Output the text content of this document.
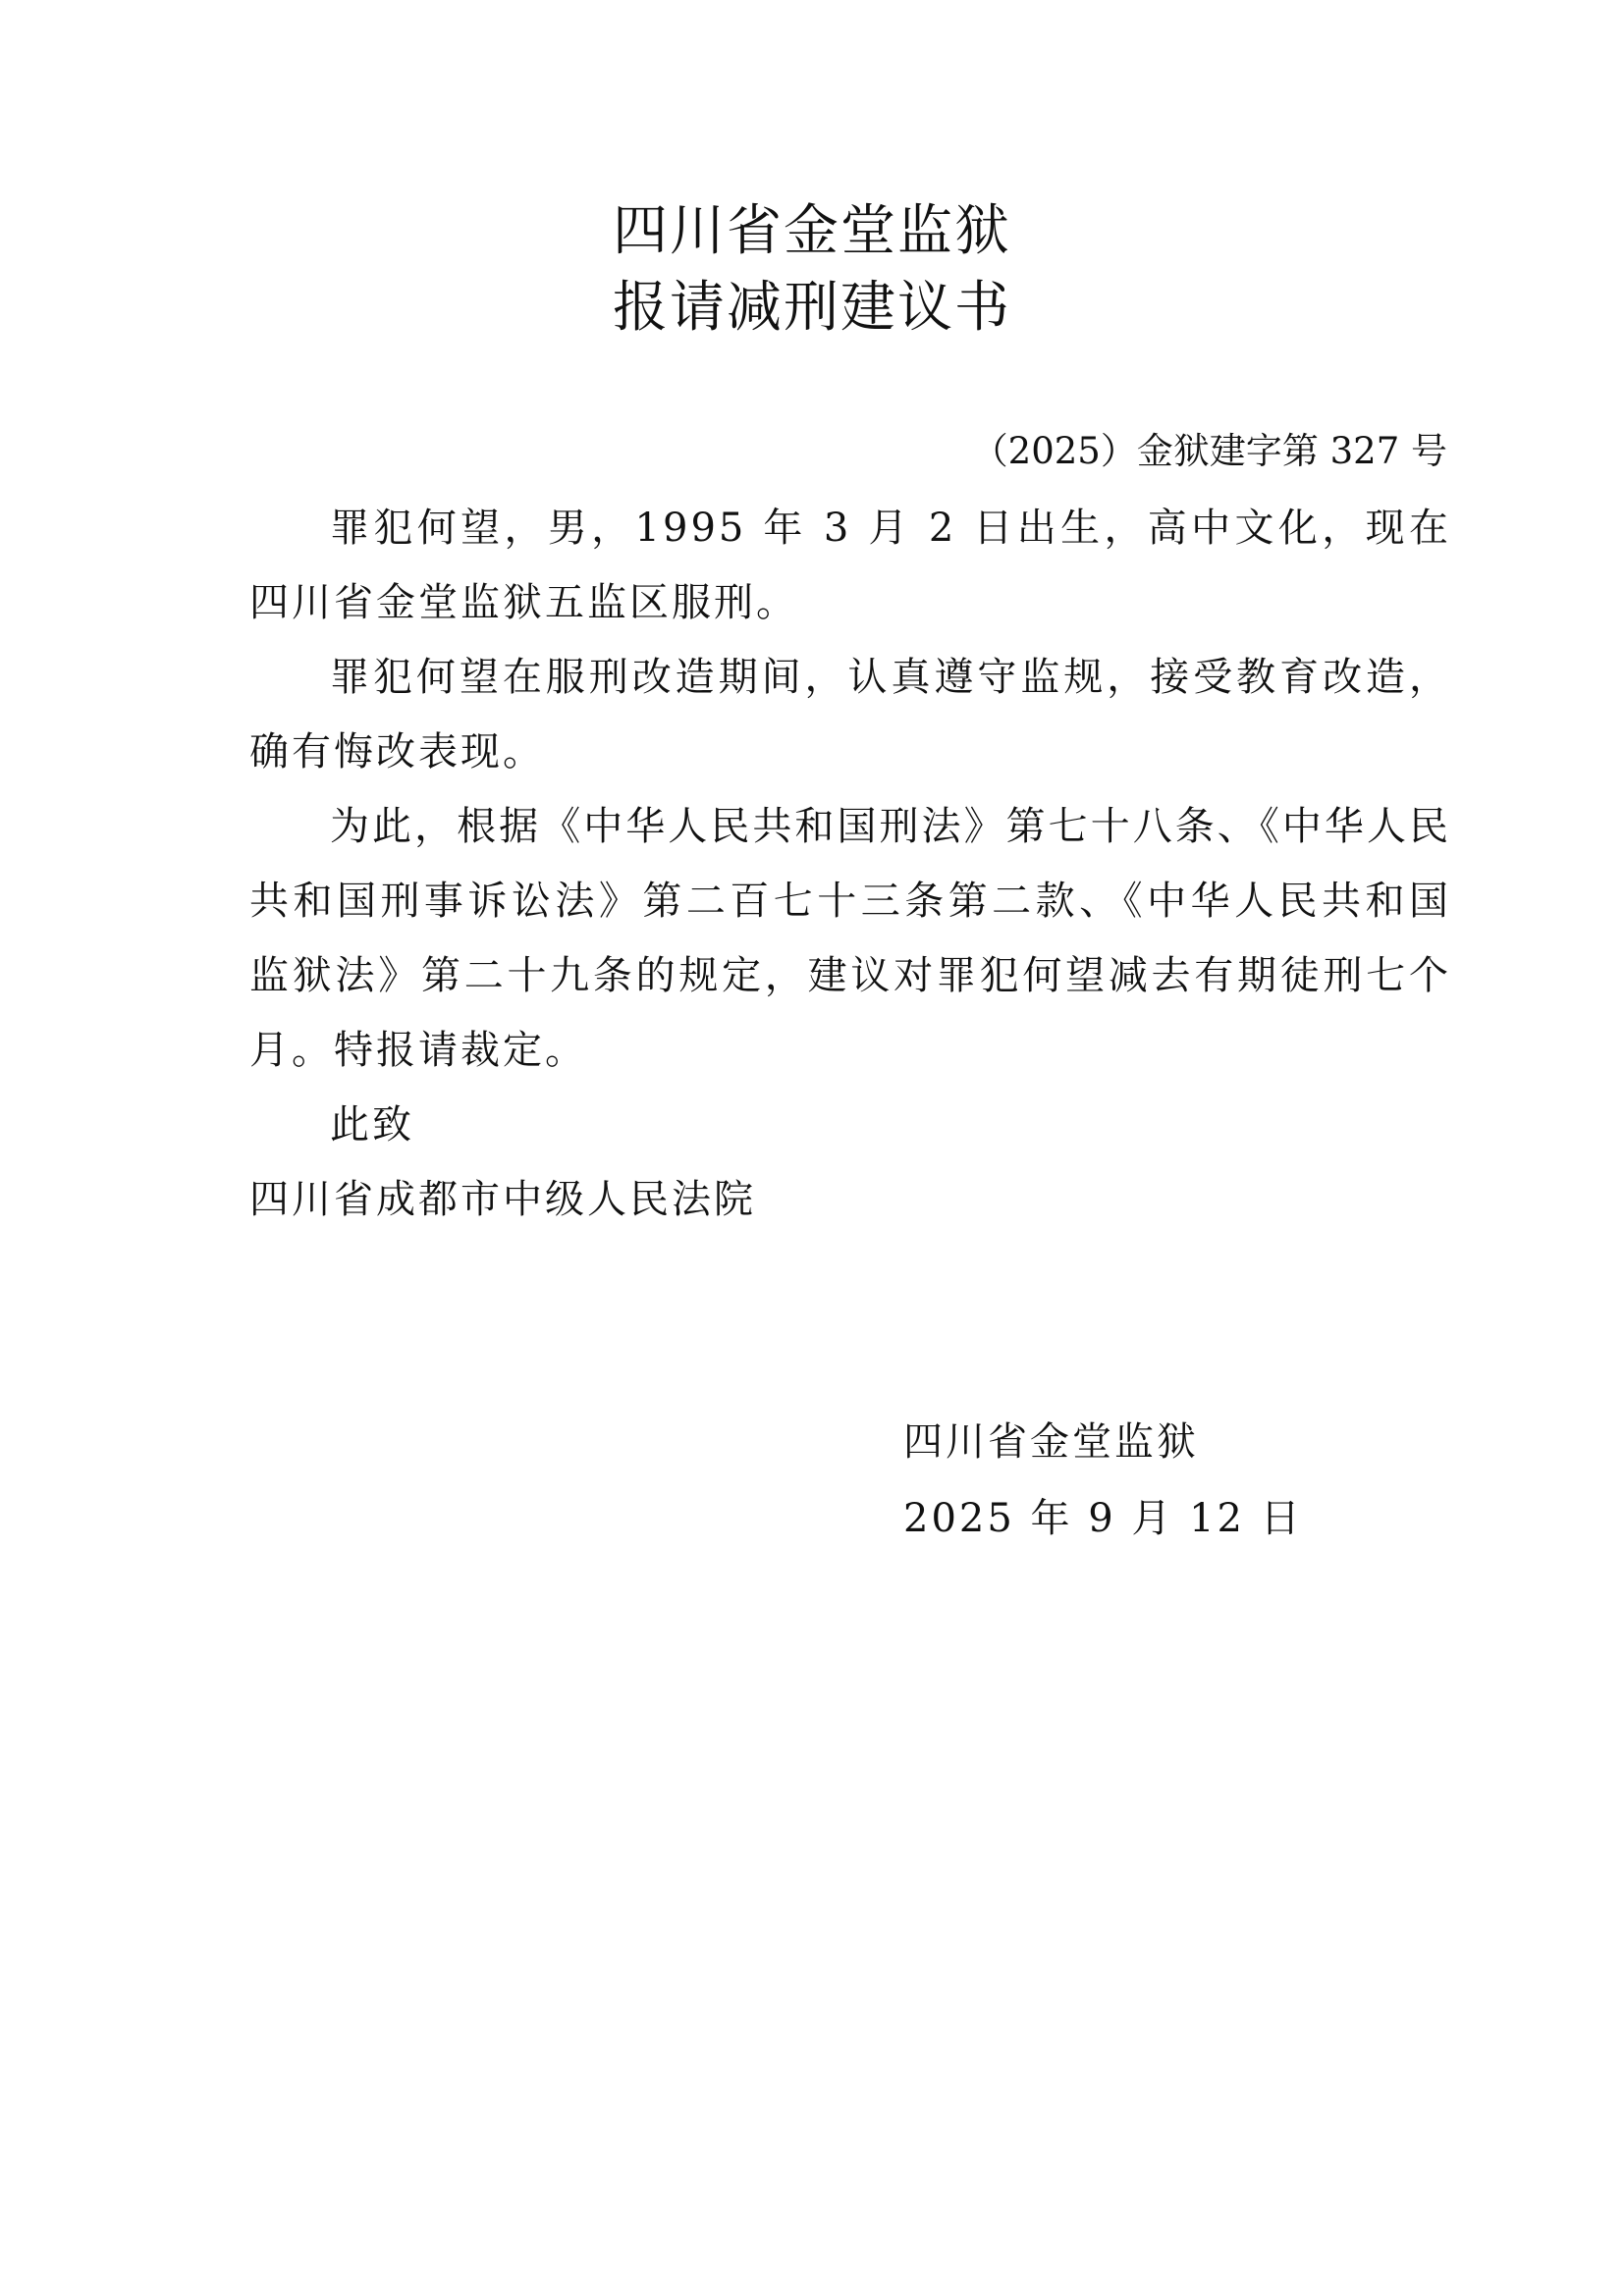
四川省金堂监狱
报请减刑建议书
（2025）金狱建字第 327 号

罪犯何望，男，1995 年 3 月 2 日出生，高中文化，现在四川省金堂监狱五监区服刑。

罪犯何望在服刑改造期间，认真遵守监规，接受教育改造，确有悔改表现。

为此，根据《中华人民共和国刑法》第七十八条、《中华人民共和国刑事诉讼法》第二百七十三条第二款、《中华人民共和国监狱法》第二十九条的规定，建议对罪犯何望减去有期徒刑七个月。特报请裁定。

此致

四川省成都市中级人民法院

四川省金堂监狱
2025 年 9 月 12 日
